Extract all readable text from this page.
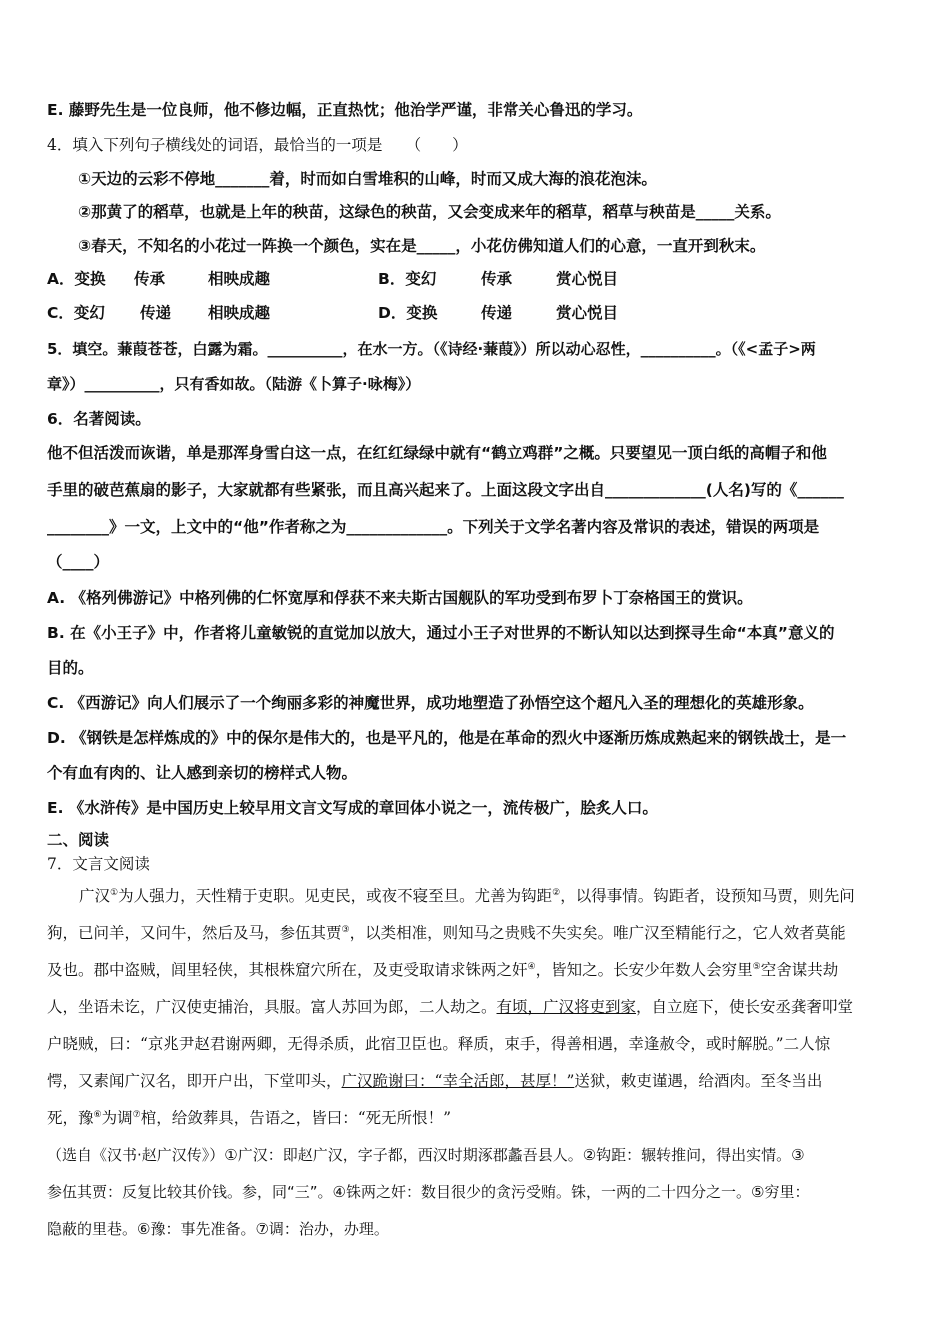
E. 藤野先生是一位良师，他不修边幅，正直热忱；他治学严谨，非常关心鲁迅的学习。
4．填入下列句子横线处的词语，最恰当的一项是　　（　　）
①天边的云彩不停地_______着，时而如白雪堆积的山峰，时而又成大海的浪花泡沫。
②那黄了的稻草，也就是上年的秧苗，这绿色的秧苗，又会变成来年的稻草，稻草与秧苗是_____关系。
③春天，不知名的小花过一阵换一个颜色，实在是_____，小花仿佛知道人们的心意，一直开到秋末。
A．变换 传承	相映成趣	B．变幻	传承	赏心悦目
C．变幻 传递 相映成趣	D．变换	传递	赏心悦目
5．填空。蒹葭苍苍，白露为霜。__________，在水一方。（《诗经·蒹葭》）所以动心忍性，__________。（《<孟子>两
章》）__________，只有香如故。（陆游《卜算子·咏梅》）
6．名著阅读。
他不但活泼而诙谐，单是那浑身雪白这一点，在红红绿绿中就有“鹤立鸡群”之概。只要望见一顶白纸的高帽子和他
手里的破芭蕉扇的影子，大家就都有些紧张，而且高兴起来了。上面这段文字出自_____________(人名)写的《______
________》一文，上文中的“他”作者称之为_____________。下列关于文学名著内容及常识的表述，错误的两项是
（____）
A. 《格列佛游记》中格列佛的仁怀宽厚和俘获不来夫斯古国舰队的军功受到布罗卜丁奈格国王的赏识。
B. 在《小王子》中，作者将儿童敏锐的直觉加以放大，通过小王子对世界的不断认知以达到探寻生命“本真”意义的
目的。
C. 《西游记》向人们展示了一个绚丽多彩的神魔世界，成功地塑造了孙悟空这个超凡入圣的理想化的英雄形象。
D. 《钢铁是怎样炼成的》中的保尔是伟大的，也是平凡的，他是在革命的烈火中逐渐历炼成熟起来的钢铁战士，是一
个有血有肉的、让人感到亲切的榜样式人物。
E. 《水浒传》是中国历史上较早用文言文写成的章回体小说之一，流传极广，脍炙人口。
二、阅读
7．文言文阅读
广汉①为人强力，天性精于吏职。见吏民，或夜不寝至旦。尤善为钩距②，以得事情。钩距者，设预知马贾，则先问
狗，已问羊，又问牛，然后及马，参伍其贾③，以类相准，则知马之贵贱不失实矣。唯广汉至精能行之，它人效者莫能
及也。郡中盗贼，闾里轻侠，其根株窟穴所在，及吏受取请求铢两之奸④，皆知之。长安少年数人会穷里⑤空舍谋共劫
人，坐语未讫，广汉使吏捕治，具服。富人苏回为郎，二人劫之。有顷，广汉将吏到家，自立庭下，使长安丞龚奢叩堂
户晓贼，曰：“京兆尹赵君谢两卿，无得杀质，此宿卫臣也。释质，束手，得善相遇，幸逢赦令，或时解脱。”二人惊
愕，又素闻广汉名，即开户出，下堂叩头，广汉跪谢曰：“幸全活郎，甚厚！”送狱，敕吏谨遇，给酒肉。至冬当出
死，豫⑥为调⑦棺，给敛葬具，告语之，皆曰：“死无所恨！”
（选自《汉书·赵广汉传》）①广汉：即赵广汉，字子都，西汉时期涿郡蠡吾县人。②钩距：辗转推问，得出实情。③
参伍其贾：反复比较其价钱。参，同“三”。④铢两之奸：数目很少的贪污受贿。铢，一两的二十四分之一。⑤穷里：
隐蔽的里巷。⑥豫：事先准备。⑦调：治办，办理。
